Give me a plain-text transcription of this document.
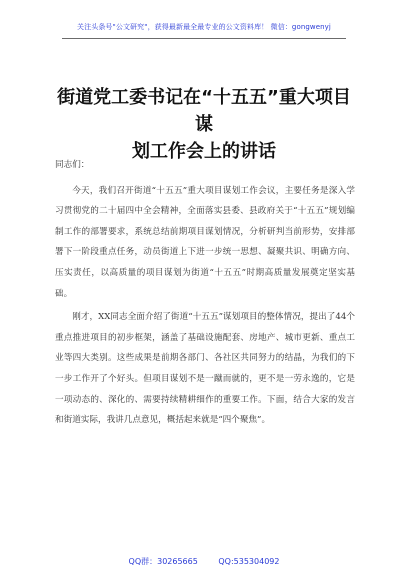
关注头条号"公文研究"，获得最新最全最专业的公文资料库！ 微信：gongwenyj
街道党工委书记在“十五五”重大项目谋
划工作会上的讲话

同志们：

今天，我们召开街道“十五五”重大项目谋划工作会议，主要任务是深入学习贯彻党的二十届四中全会精神，全面落实县委、县政府关于“十五五”规划编制工作的部署要求，系统总结前期项目谋划情况，分析研判当前形势，安排部署下一阶段重点任务，动员街道上下进一步统一思想、凝聚共识、明确方向、压实责任，以高质量的项目谋划为街道“十五五”时期高质量发展奠定坚实基础。

刚才，XX同志全面介绍了街道“十五五”谋划项目的整体情况，提出了44个重点推进项目的初步框架，涵盖了基础设施配套、房地产、城市更新、重点工业等四大类别。这些成果是前期各部门、各社区共同努力的结晶，为我们的下一步工作开了个好头。但项目谋划不是一蹴而就的，更不是一劳永逸的，它是一项动态的、深化的、需要持续精耕细作的重要工作。下面，结合大家的发言和街道实际，我讲几点意见，概括起来就是“四个聚焦”。

QQ群：30265665	QQ:535304092
